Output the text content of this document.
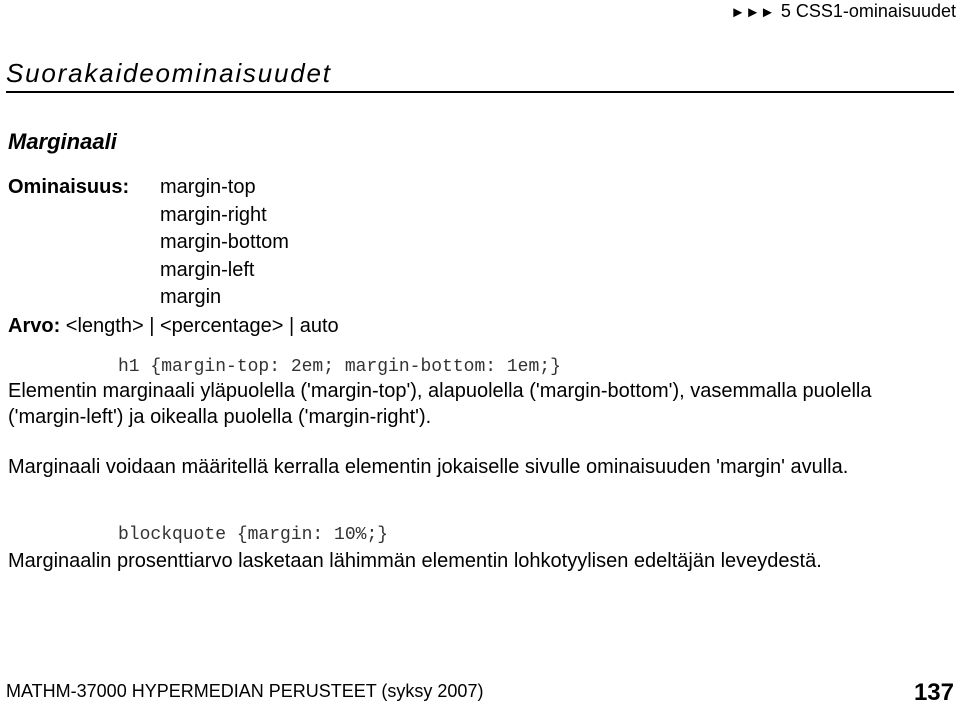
►►► 5 CSS1-ominaisuudet
Suorakaideominaisuudet
Marginaali
Ominaisuus: margin-top
margin-right
margin-bottom
margin-left
margin
Arvo: <length> | <percentage> | auto
h1 {margin-top: 2em; margin-bottom: 1em;}

Elementin marginaali yläpuolella ('margin-top'), alapuolella ('margin-bottom'), vasemmalla puolella ('margin-left') ja oikealla puolella ('margin-right').

Marginaali voidaan määritellä kerralla elementin jokaiselle sivulle ominaisuuden 'margin' avulla.

blockquote {margin: 10%;}

Marginaalin prosenttiarvo lasketaan lähimmän elementin lohkotyylisen edeltäjän leveydestä.

MATHM-37000 HYPERMEDIAN PERUSTEET (syksy 2007)	137
